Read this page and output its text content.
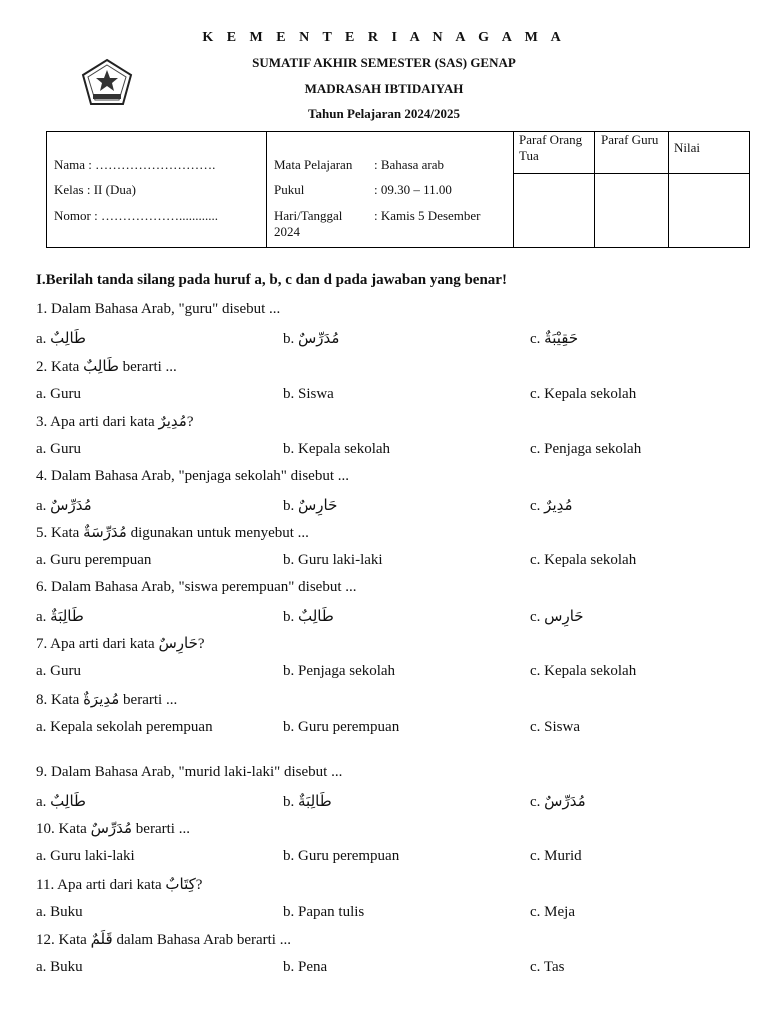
K E M E N T E R I A N A G A M A
SUMATIF AKHIR SEMESTER (SAS) GENAP
MADRASAH IBTIDAIYAH
Tahun Pelajaran 2024/2025
Nama : ……………………….
Kelas : II (Dua)
Nomor : ………………............
Mata Pelajaran : Bahasa arab
Pukul	: 09.30 – 11.00
Hari/Tanggal : Kamis 5 Desember
2024
Paraf Orang Tua
Paraf Guru
Nilai
I.Berilah tanda silang pada huruf a, b, c dan d pada jawaban yang benar!
1. Dalam Bahasa Arab, "guru" disebut ...
a. طَالِبٌ	b. مُدَرِّسٌ	c. حَقِيْبَةٌ
2. Kata طَالِبٌ berarti ...
a. Guru	b. Siswa	c. Kepala sekolah
3. Apa arti dari kata مُدِيرٌ?
a. Guru	b. Kepala sekolah	c. Penjaga sekolah
4. Dalam Bahasa Arab, "penjaga sekolah" disebut ...
a. مُدَرِّسٌ	b. حَارِسٌ	c. مُدِيرٌ
5. Kata مُدَرِّسَةٌ digunakan untuk menyebut ...
a. Guru perempuan	b. Guru laki-laki	c. Kepala sekolah
6. Dalam Bahasa Arab, "siswa perempuan" disebut ...
a. طَالِبَةٌ	b. طَالِبٌ	c. حَارِس
7. Apa arti dari kata حَارِسٌ?
a. Guru	b. Penjaga sekolah	c. Kepala sekolah
8. Kata مُدِيرَةٌ berarti ...
a. Kepala sekolah perempuan	b. Guru perempuan	c. Siswa
9. Dalam Bahasa Arab, "murid laki-laki" disebut ...
a. طَالِبٌ	b. طَالِبَةٌ	c. مُدَرِّسٌ
10. Kata مُدَرِّسٌ berarti ...
a. Guru laki-laki	b. Guru perempuan	c. Murid
11. Apa arti dari kata كِتَابٌ?
a. Buku	b. Papan tulis	c. Meja
12. Kata قَلَمٌ dalam Bahasa Arab berarti ...
a. Buku	b. Pena	c. Tas
